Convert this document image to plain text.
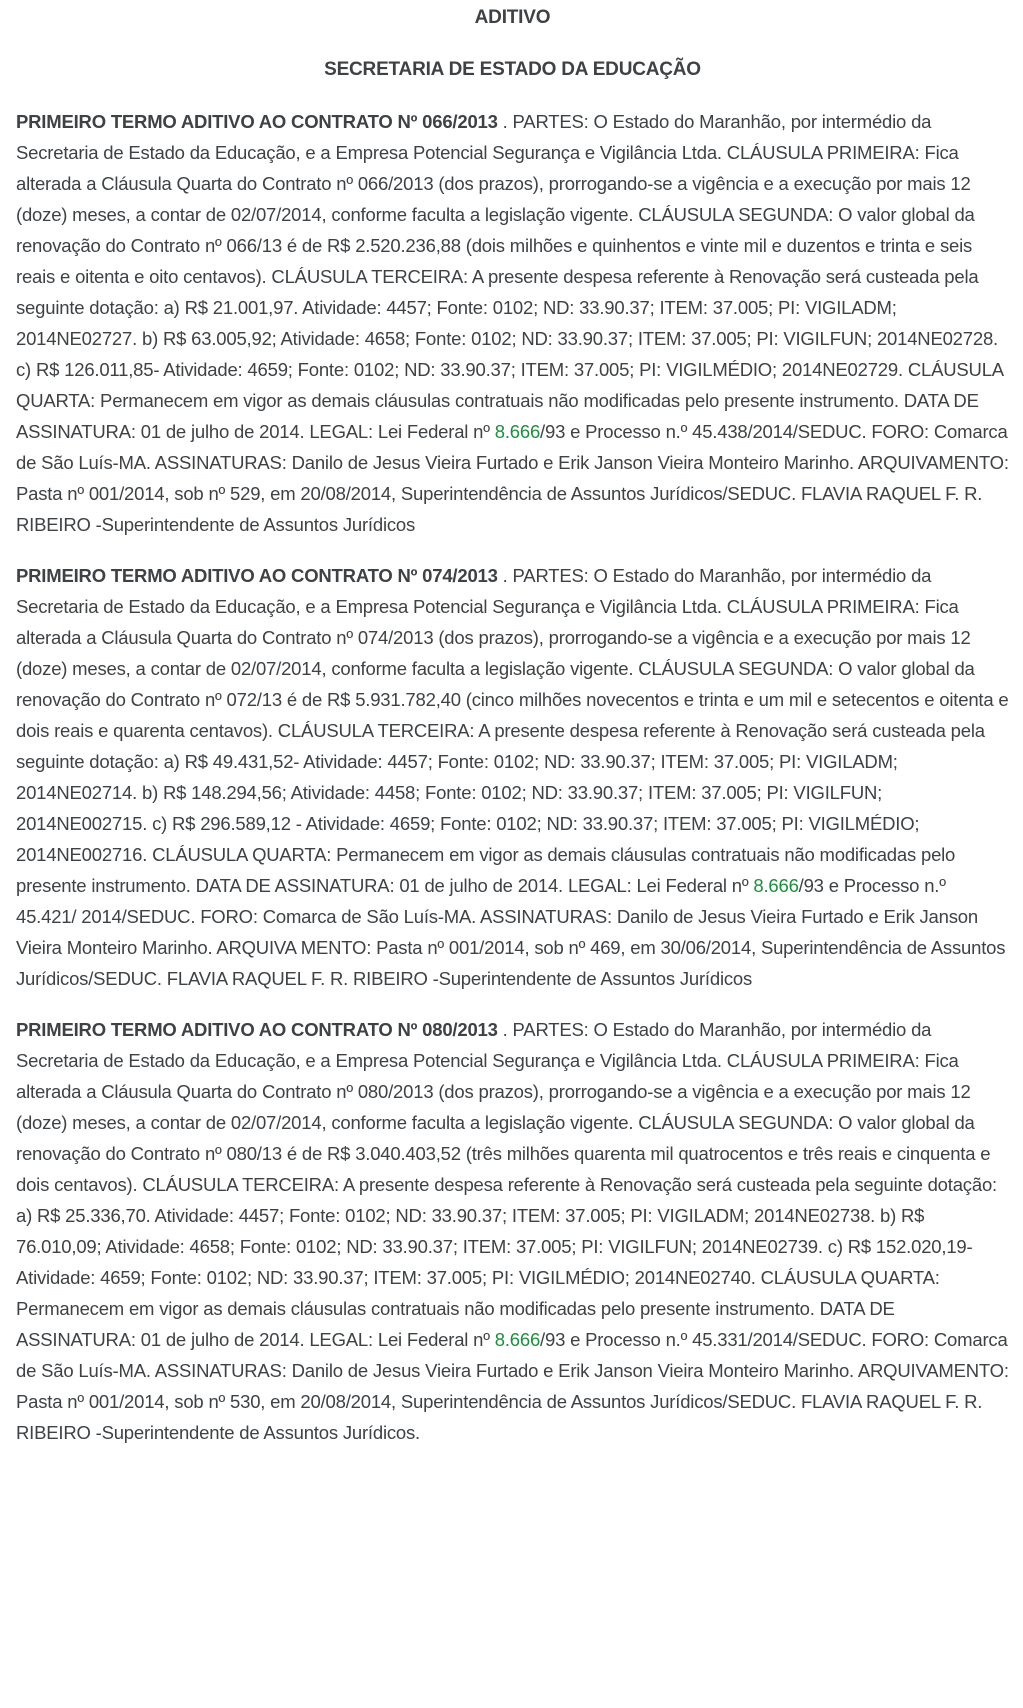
ADITIVO
SECRETARIA DE ESTADO DA EDUCAÇÃO

PRIMEIRO TERMO ADITIVO AO CONTRATO Nº 066/2013 . PARTES: O Estado do Maranhão, por intermédio da Secretaria de Estado da Educação, e a Empresa Potencial Segurança e Vigilância Ltda. CLÁUSULA PRIMEIRA: Fica alterada a Cláusula Quarta do Contrato nº 066/2013 (dos prazos), prorrogando-se a vigência e a execução por mais 12 (doze) meses, a contar de 02/07/2014, conforme faculta a legislação vigente. CLÁUSULA SEGUNDA: O valor global da renovação do Contrato nº 066/13 é de R$ 2.520.236,88 (dois milhões e quinhentos e vinte mil e duzentos e trinta e seis reais e oitenta e oito centavos). CLÁUSULA TERCEIRA: A presente despesa referente à Renovação será custeada pela seguinte dotação: a) R$ 21.001,97. Atividade: 4457; Fonte: 0102; ND: 33.90.37; ITEM: 37.005; PI: VIGILADM; 2014NE02727. b) R$ 63.005,92; Atividade: 4658; Fonte: 0102; ND: 33.90.37; ITEM: 37.005; PI: VIGILFUN; 2014NE02728. c) R$ 126.011,85- Atividade: 4659; Fonte: 0102; ND: 33.90.37; ITEM: 37.005; PI: VIGILMÉDIO; 2014NE02729. CLÁUSULA QUARTA: Permanecem em vigor as demais cláusulas contratuais não modificadas pelo presente instrumento. DATA DE ASSINATURA: 01 de julho de 2014. LEGAL: Lei Federal nº 8.666/93 e Processo n.º 45.438/2014/SEDUC. FORO: Comarca de São Luís-MA. ASSINATURAS: Danilo de Jesus Vieira Furtado e Erik Janson Vieira Monteiro Marinho. ARQUIVAMENTO: Pasta nº 001/2014, sob nº 529, em 20/08/2014, Superintendência de Assuntos Jurídicos/SEDUC. FLAVIA RAQUEL F. R. RIBEIRO -Superintendente de Assuntos Jurídicos

PRIMEIRO TERMO ADITIVO AO CONTRATO Nº 074/2013 . PARTES: O Estado do Maranhão, por intermédio da Secretaria de Estado da Educação, e a Empresa Potencial Segurança e Vigilância Ltda. CLÁUSULA PRIMEIRA: Fica alterada a Cláusula Quarta do Contrato nº 074/2013 (dos prazos), prorrogando-se a vigência e a execução por mais 12 (doze) meses, a contar de 02/07/2014, conforme faculta a legislação vigente. CLÁUSULA SEGUNDA: O valor global da renovação do Contrato nº 072/13 é de R$ 5.931.782,40 (cinco milhões novecentos e trinta e um mil e setecentos e oitenta e dois reais e quarenta centavos). CLÁUSULA TERCEIRA: A presente despesa referente à Renovação será custeada pela seguinte dotação: a) R$ 49.431,52- Atividade: 4457; Fonte: 0102; ND: 33.90.37; ITEM: 37.005; PI: VIGILADM; 2014NE02714. b) R$ 148.294,56; Atividade: 4458; Fonte: 0102; ND: 33.90.37; ITEM: 37.005; PI: VIGILFUN; 2014NE002715. c) R$ 296.589,12 - Atividade: 4659; Fonte: 0102; ND: 33.90.37; ITEM: 37.005; PI: VIGILMÉDIO; 2014NE002716. CLÁUSULA QUARTA: Permanecem em vigor as demais cláusulas contratuais não modificadas pelo presente instrumento. DATA DE ASSINATURA: 01 de julho de 2014. LEGAL: Lei Federal nº 8.666/93 e Processo n.º 45.421/ 2014/SEDUC. FORO: Comarca de São Luís-MA. ASSINATURAS: Danilo de Jesus Vieira Furtado e Erik Janson Vieira Monteiro Marinho. ARQUIVA MENTO: Pasta nº 001/2014, sob nº 469, em 30/06/2014, Superintendência de Assuntos Jurídicos/SEDUC. FLAVIA RAQUEL F. R. RIBEIRO -Superintendente de Assuntos Jurídicos

PRIMEIRO TERMO ADITIVO AO CONTRATO Nº 080/2013 . PARTES: O Estado do Maranhão, por intermédio da Secretaria de Estado da Educação, e a Empresa Potencial Segurança e Vigilância Ltda. CLÁUSULA PRIMEIRA: Fica alterada a Cláusula Quarta do Contrato nº 080/2013 (dos prazos), prorrogando-se a vigência e a execução por mais 12 (doze) meses, a contar de 02/07/2014, conforme faculta a legislação vigente. CLÁUSULA SEGUNDA: O valor global da renovação do Contrato nº 080/13 é de R$ 3.040.403,52 (três milhões quarenta mil quatrocentos e três reais e cinquenta e dois centavos). CLÁUSULA TERCEIRA: A presente despesa referente à Renovação será custeada pela seguinte dotação: a) R$ 25.336,70. Atividade: 4457; Fonte: 0102; ND: 33.90.37; ITEM: 37.005; PI: VIGILADM; 2014NE02738. b) R$ 76.010,09; Atividade: 4658; Fonte: 0102; ND: 33.90.37; ITEM: 37.005; PI: VIGILFUN; 2014NE02739. c) R$ 152.020,19- Atividade: 4659; Fonte: 0102; ND: 33.90.37; ITEM: 37.005; PI: VIGILMÉDIO; 2014NE02740. CLÁUSULA QUARTA: Permanecem em vigor as demais cláusulas contratuais não modificadas pelo presente instrumento. DATA DE ASSINATURA: 01 de julho de 2014. LEGAL: Lei Federal nº 8.666/93 e Processo n.º 45.331/2014/SEDUC. FORO: Comarca de São Luís-MA. ASSINATURAS: Danilo de Jesus Vieira Furtado e Erik Janson Vieira Monteiro Marinho. ARQUIVAMENTO: Pasta nº 001/2014, sob nº 530, em 20/08/2014, Superintendência de Assuntos Jurídicos/SEDUC. FLAVIA RAQUEL F. R. RIBEIRO -Superintendente de Assuntos Jurídicos.
